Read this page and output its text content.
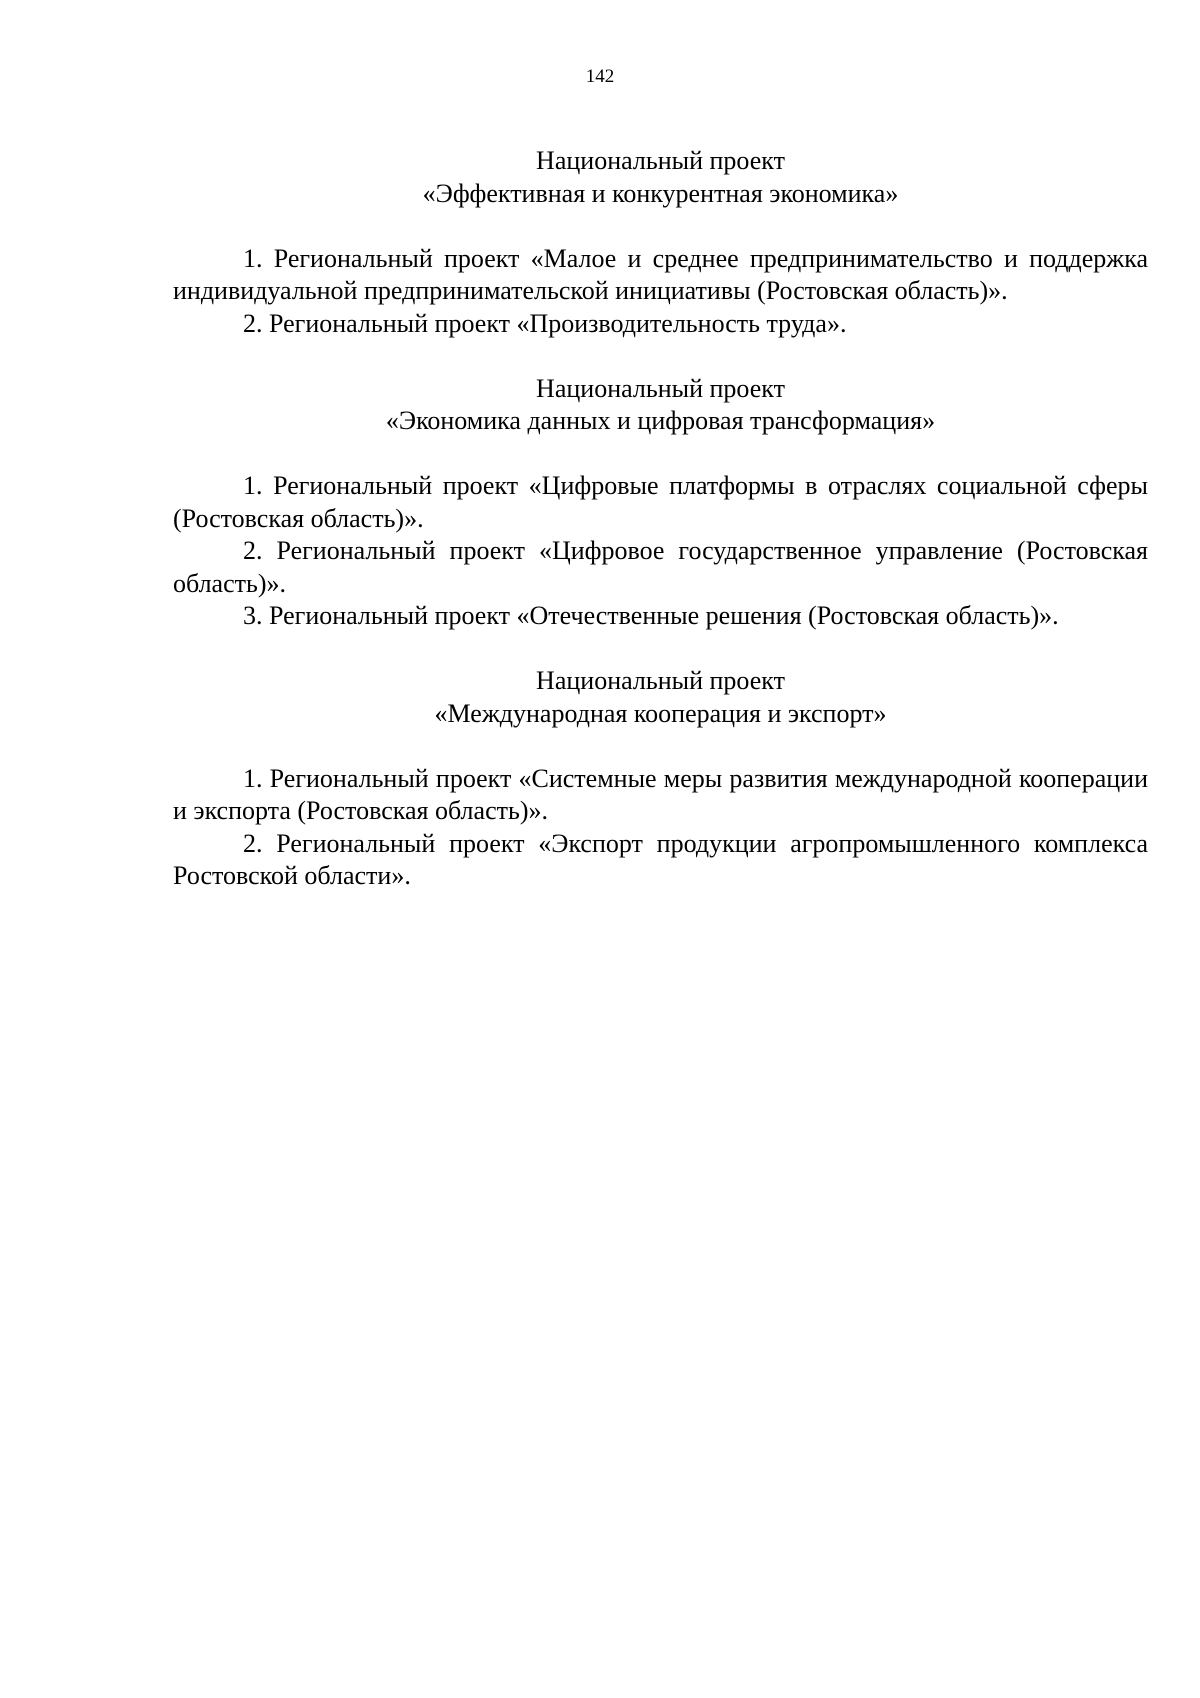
142
Национальный проект
«Эффективная и конкурентная экономика»

1. Региональный проект «Малое и среднее предпринимательство и поддержка индивидуальной предпринимательской инициативы (Ростовская область)».

2. Региональный проект «Производительность труда».

Национальный проект
«Экономика данных и цифровая трансформация»

1. Региональный проект «Цифровые платформы в отраслях социальной сферы (Ростовская область)».

2. Региональный проект «Цифровое государственное управление (Ростовская область)».

3. Региональный проект «Отечественные решения (Ростовская область)».

Национальный проект
«Международная кооперация и экспорт»

1. Региональный проект «Системные меры развития международной кооперации и экспорта (Ростовская область)».

2. Региональный проект «Экспорт продукции агропромышленного комплекса Ростовской области».
